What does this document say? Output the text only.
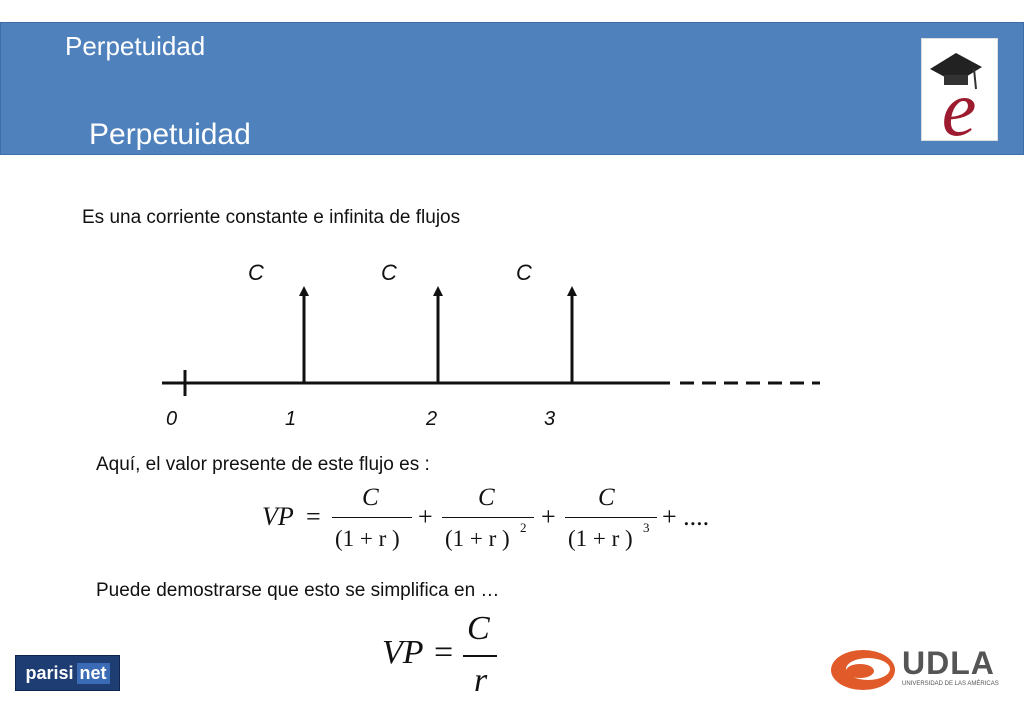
Perpetuidad
Perpetuidad	e
Es una corriente constante e infinita de flujos
C	C	C
0	1	2	3
Aquí, el valor presente de este flujo es :
VP =
C
(1 + r )
+
C
(1 + r ) 2 +
C
(1 + r ) 3 + ....
Puede demostrarse que esto se simplifica en …
VP =
C
r
parisi net	UDLA
UNIVERSIDAD DE LAS AMÉRICAS
